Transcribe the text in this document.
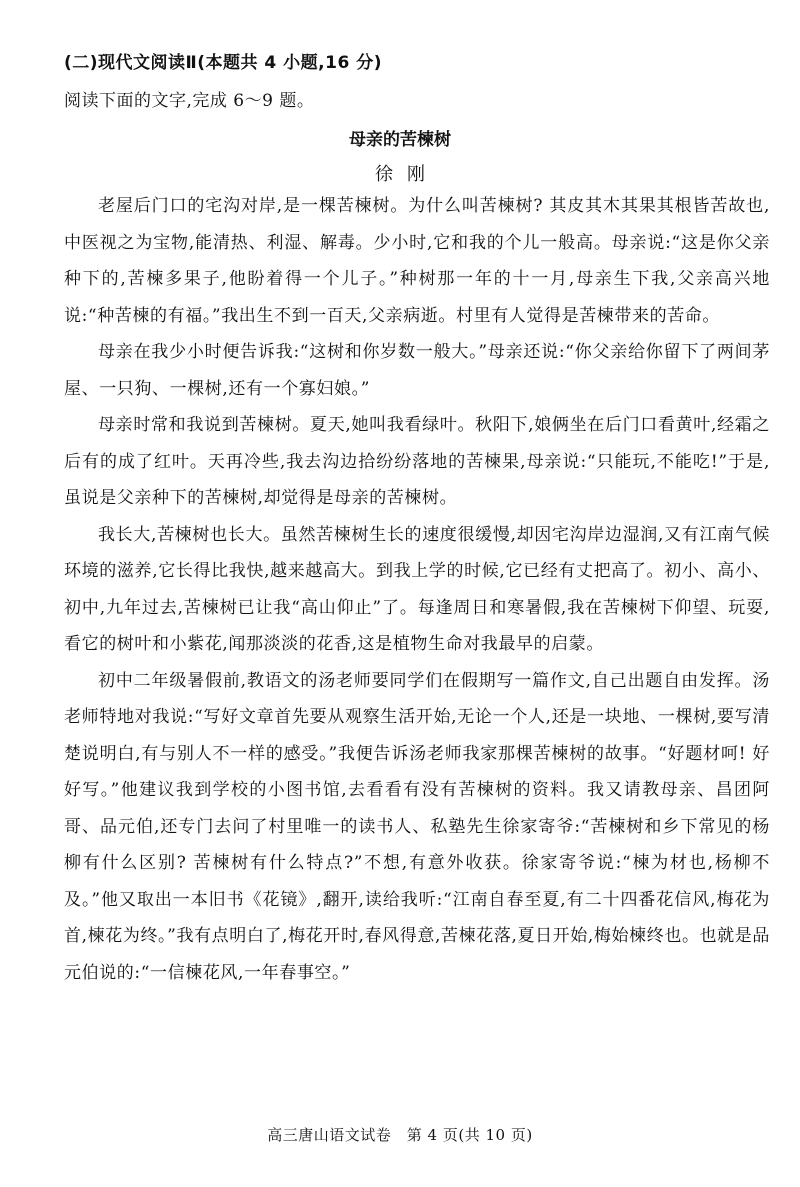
(二)现代文阅读Ⅱ(本题共 4 小题,16 分)
阅读下面的文字,完成 6～9 题。
母亲的苦楝树
徐刚

老屋后门口的宅沟对岸,是一棵苦楝树。为什么叫苦楝树? 其皮其木其果其根皆苦故也,中医视之为宝物,能清热、利湿、解毒。少小时,它和我的个儿一般高。母亲说:“这是你父亲种下的,苦楝多果子,他盼着得一个儿子。”种树那一年的十一月,母亲生下我,父亲高兴地说:“种苦楝的有福。”我出生不到一百天,父亲病逝。村里有人觉得是苦楝带来的苦命。

母亲在我少小时便告诉我:“这树和你岁数一般大。”母亲还说:“你父亲给你留下了两间茅屋、一只狗、一棵树,还有一个寡妇娘。”

母亲时常和我说到苦楝树。夏天,她叫我看绿叶。秋阳下,娘俩坐在后门口看黄叶,经霜之后有的成了红叶。天再冷些,我去沟边拾纷纷落地的苦楝果,母亲说:“只能玩,不能吃!”于是,虽说是父亲种下的苦楝树,却觉得是母亲的苦楝树。

我长大,苦楝树也长大。虽然苦楝树生长的速度很缓慢,却因宅沟岸边湿润,又有江南气候环境的滋养,它长得比我快,越来越高大。到我上学的时候,它已经有丈把高了。初小、高小、初中,九年过去,苦楝树已让我“高山仰止”了。每逢周日和寒暑假,我在苦楝树下仰望、玩耍,看它的树叶和小紫花,闻那淡淡的花香,这是植物生命对我最早的启蒙。

初中二年级暑假前,教语文的汤老师要同学们在假期写一篇作文,自己出题自由发挥。汤老师特地对我说:“写好文章首先要从观察生活开始,无论一个人,还是一块地、一棵树,要写清楚说明白,有与别人不一样的感受。”我便告诉汤老师我家那棵苦楝树的故事。“好题材呵! 好好写。”他建议我到学校的小图书馆,去看看有没有苦楝树的资料。我又请教母亲、昌团阿哥、品元伯,还专门去问了村里唯一的读书人、私塾先生徐家寄爷:“苦楝树和乡下常见的杨柳有什么区别? 苦楝树有什么特点?”不想,有意外收获。徐家寄爷说:“楝为材也,杨柳不及。”他又取出一本旧书《花镜》,翻开,读给我听:“江南自春至夏,有二十四番花信风,梅花为首,楝花为终。”我有点明白了,梅花开时,春风得意,苦楝花落,夏日开始,梅始楝终也。也就是品元伯说的:“一信楝花风,一年春事空。”

高三唐山语文试卷　第 4 页(共 10 页)
